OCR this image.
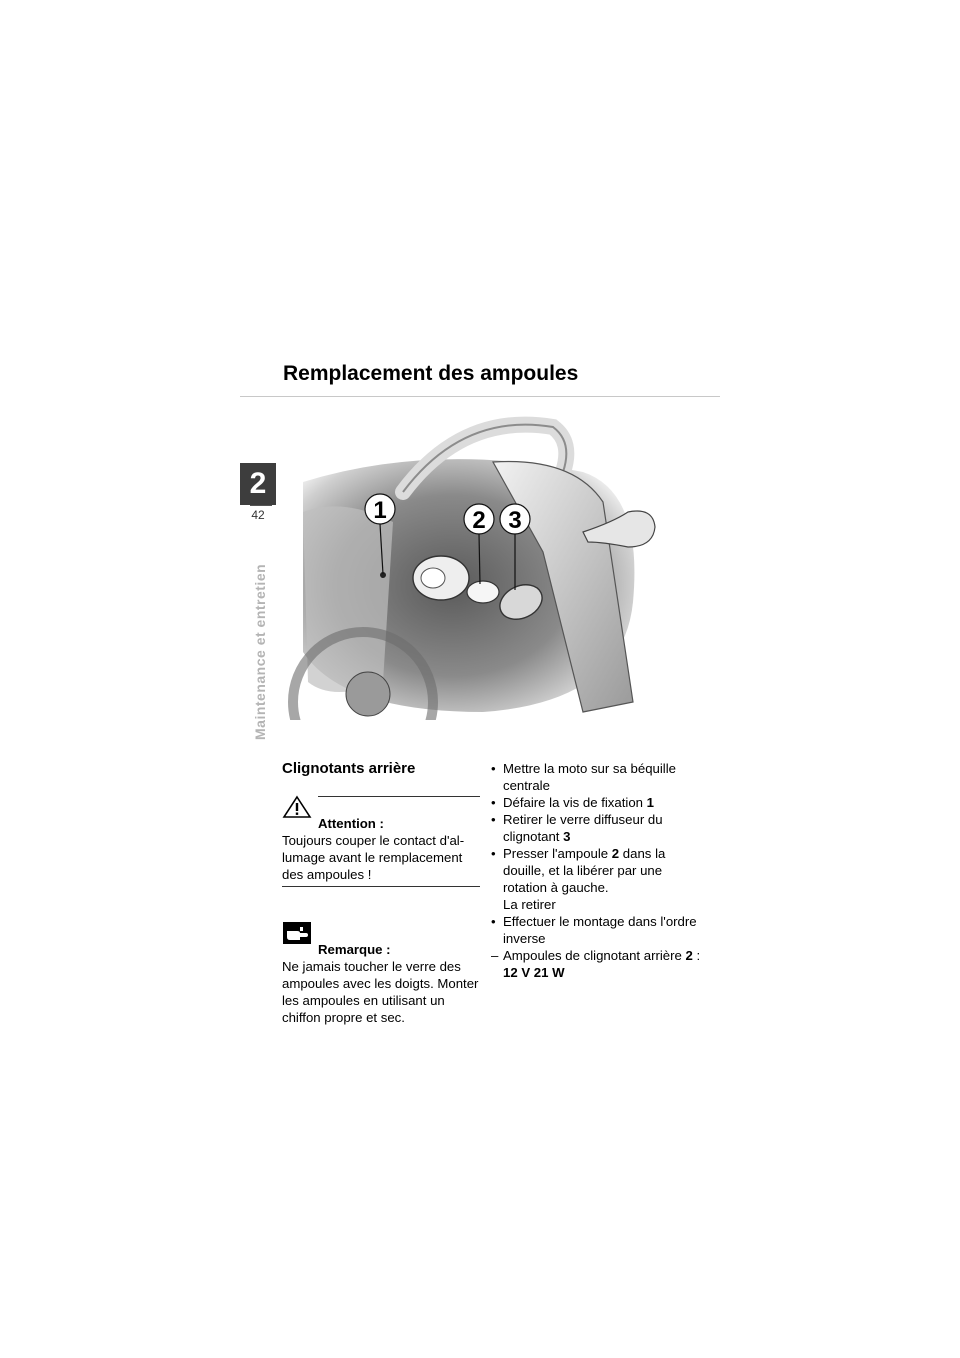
Remplacement des ampoules
2
42
Maintenance et entretien
1	2 3
Clignotants arrière
Attention :

Toujours couper le contact d'allumage avant le remplacement des ampoules !

Remarque :

Ne jamais toucher le verre des ampoules avec les doigts. Monter les ampoules en utilisant un chiffon propre et sec.

• Mettre la moto sur sa béquille centrale
• Défaire la vis de fixation 1
• Retirer le verre diffuseur du clignotant 3
• Presser l'ampoule 2 dans la douille, et la libérer par une rotation à gauche.
La retirer
• Effectuer le montage dans l'ordre inverse
– Ampoules de clignotant arrière 2 :
12 V 21 W
